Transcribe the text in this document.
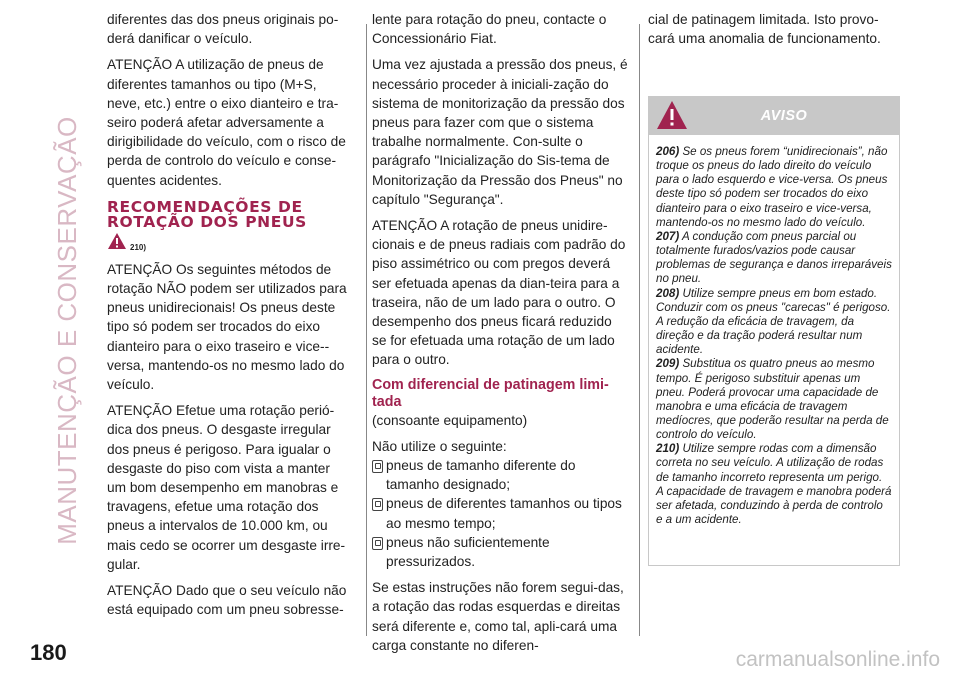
MANUTENÇÃO E CONSERVAÇÃO

diferentes das dos pneus originais po-derá danificar o veículo.

ATENÇÃO A utilização de pneus de diferentes tamanhos ou tipo (M+S, neve, etc.) entre o eixo dianteiro e tra-seiro poderá afetar adversamente a dirigibilidade do veículo, com o risco de perda de controlo do veículo e conse-quentes acidentes.

RECOMENDAÇÕES DE ROTAÇÃO DOS PNEUS
210)

ATENÇÃO Os seguintes métodos de rotação NÃO podem ser utilizados para pneus unidirecionais! Os pneus deste tipo só podem ser trocados do eixo dianteiro para o eixo traseiro e vice--versa, mantendo-os no mesmo lado do veículo.

ATENÇÃO Efetue uma rotação perió-dica dos pneus. O desgaste irregular dos pneus é perigoso. Para igualar o desgaste do piso com vista a manter um bom desempenho em manobras e travagens, efetue uma rotação dos pneus a intervalos de 10.000 km, ou mais cedo se ocorrer um desgaste irre-gular.

ATENÇÃO Dado que o seu veículo não está equipado com um pneu sobresse-

lente para rotação do pneu, contacte o Concessionário Fiat.

Uma vez ajustada a pressão dos pneus, é necessário proceder à iniciali-zação do sistema de monitorização da pressão dos pneus para fazer com que o sistema trabalhe normalmente. Con-sulte o parágrafo "Inicialização do Sis-tema de Monitorização da Pressão dos Pneus" no capítulo "Segurança".

ATENÇÃO A rotação de pneus unidire-cionais e de pneus radiais com padrão do piso assimétrico ou com pregos deverá ser efetuada apenas da dian-teira para a traseira, não de um lado para o outro. O desempenho dos pneus ficará reduzido se for efetuada uma rotação de um lado para o outro.

Com diferencial de patinagem limi-tada
(consoante equipamento)
Não utilize o seguinte:
pneus de tamanho diferente do tamanho designado;
pneus de diferentes tamanhos ou tipos ao mesmo tempo;
pneus não suficientemente pressurizados.

Se estas instruções não forem segui-das, a rotação das rodas esquerdas e direitas será diferente e, como tal, apli-cará uma carga constante no diferen-

cial de patinagem limitada. Isto provo-cará uma anomalia de funcionamento.

AVISO

206) Se os pneus forem “unidirecionais”, não troque os pneus do lado direito do veículo para o lado esquerdo e vice-versa. Os pneus deste tipo só podem ser trocados do eixo dianteiro para o eixo traseiro e vice-versa, mantendo-os no mesmo lado do veículo.

207) A condução com pneus parcial ou totalmente furados/vazios pode causar problemas de segurança e danos irreparáveis no pneu.

208) Utilize sempre pneus em bom estado. Conduzir com os pneus "carecas" é perigoso. A redução da eficácia de travagem, da direção e da tração poderá resultar num acidente.

209) Substitua os quatro pneus ao mesmo tempo. É perigoso substituir apenas um pneu. Poderá provocar uma capacidade de manobra e uma eficácia de travagem medíocres, que poderão resultar na perda de controlo do veículo.

210) Utilize sempre rodas com a dimensão correta no seu veículo. A utilização de rodas de tamanho incorreto representa um perigo. A capacidade de travagem e manobra poderá ser afetada, conduzindo à perda de controlo e a um acidente.

180	carmanualsonline.info
